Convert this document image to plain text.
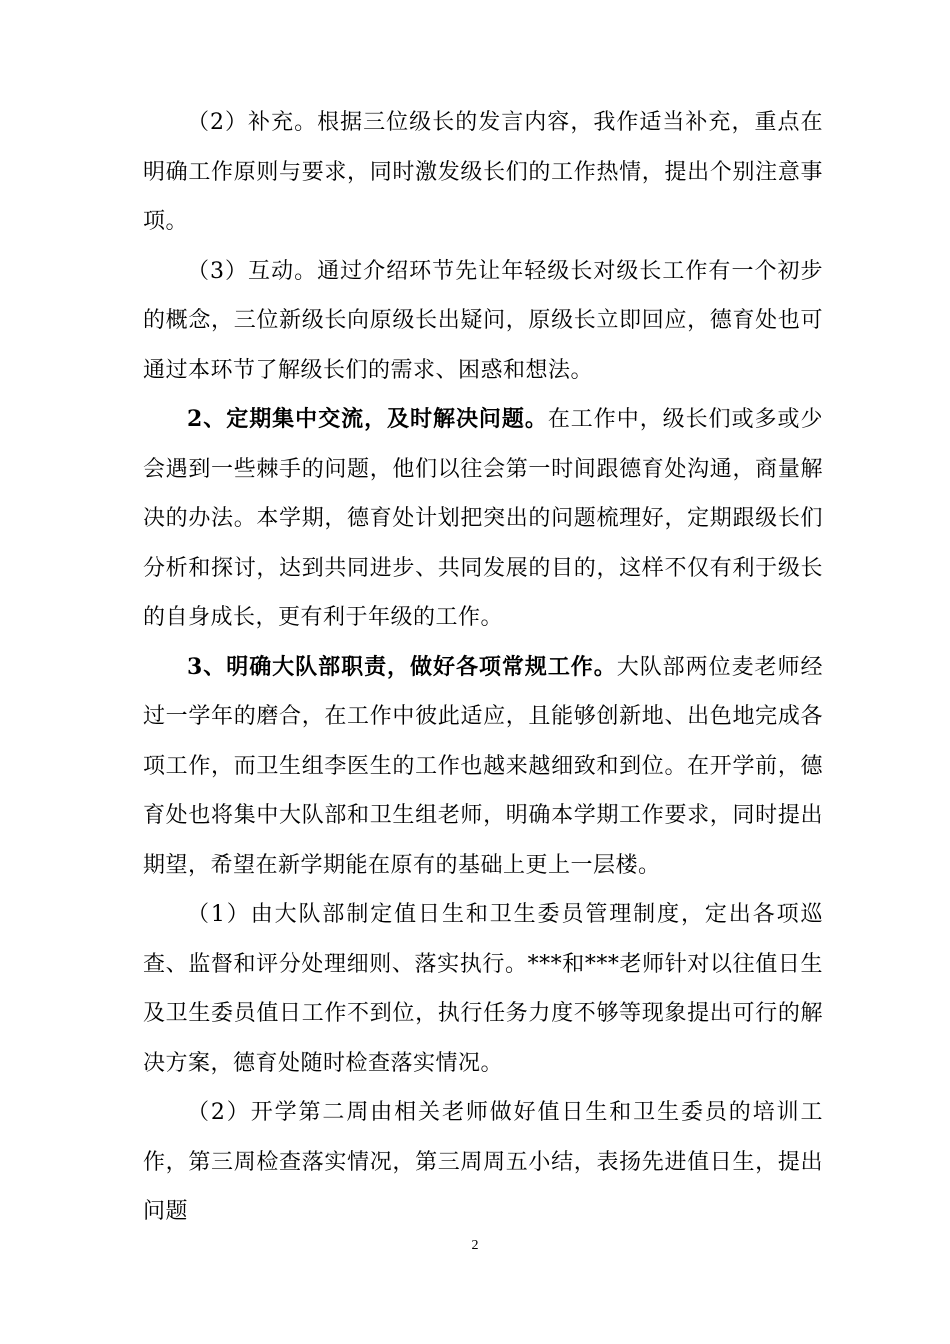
（2）补充。根据三位级长的发言内容，我作适当补充，重点在明确工作原则与要求，同时激发级长们的工作热情，提出个别注意事项。

（3）互动。通过介绍环节先让年轻级长对级长工作有一个初步的概念，三位新级长向原级长出疑问，原级长立即回应，德育处也可通过本环节了解级长们的需求、困惑和想法。

2、定期集中交流，及时解决问题。在工作中，级长们或多或少会遇到一些棘手的问题，他们以往会第一时间跟德育处沟通，商量解决的办法。本学期，德育处计划把突出的问题梳理好，定期跟级长们分析和探讨，达到共同进步、共同发展的目的，这样不仅有利于级长的自身成长，更有利于年级的工作。

3、明确大队部职责，做好各项常规工作。大队部两位麦老师经过一学年的磨合，在工作中彼此适应，且能够创新地、出色地完成各项工作，而卫生组李医生的工作也越来越细致和到位。在开学前，德育处也将集中大队部和卫生组老师，明确本学期工作要求，同时提出期望，希望在新学期能在原有的基础上更上一层楼。

（1）由大队部制定值日生和卫生委员管理制度，定出各项巡查、监督和评分处理细则、落实执行。***和***老师针对以往值日生及卫生委员值日工作不到位，执行任务力度不够等现象提出可行的解决方案，德育处随时检查落实情况。

（2）开学第二周由相关老师做好值日生和卫生委员的培训工作，第三周检查落实情况，第三周周五小结，表扬先进值日生，提出问题

2
